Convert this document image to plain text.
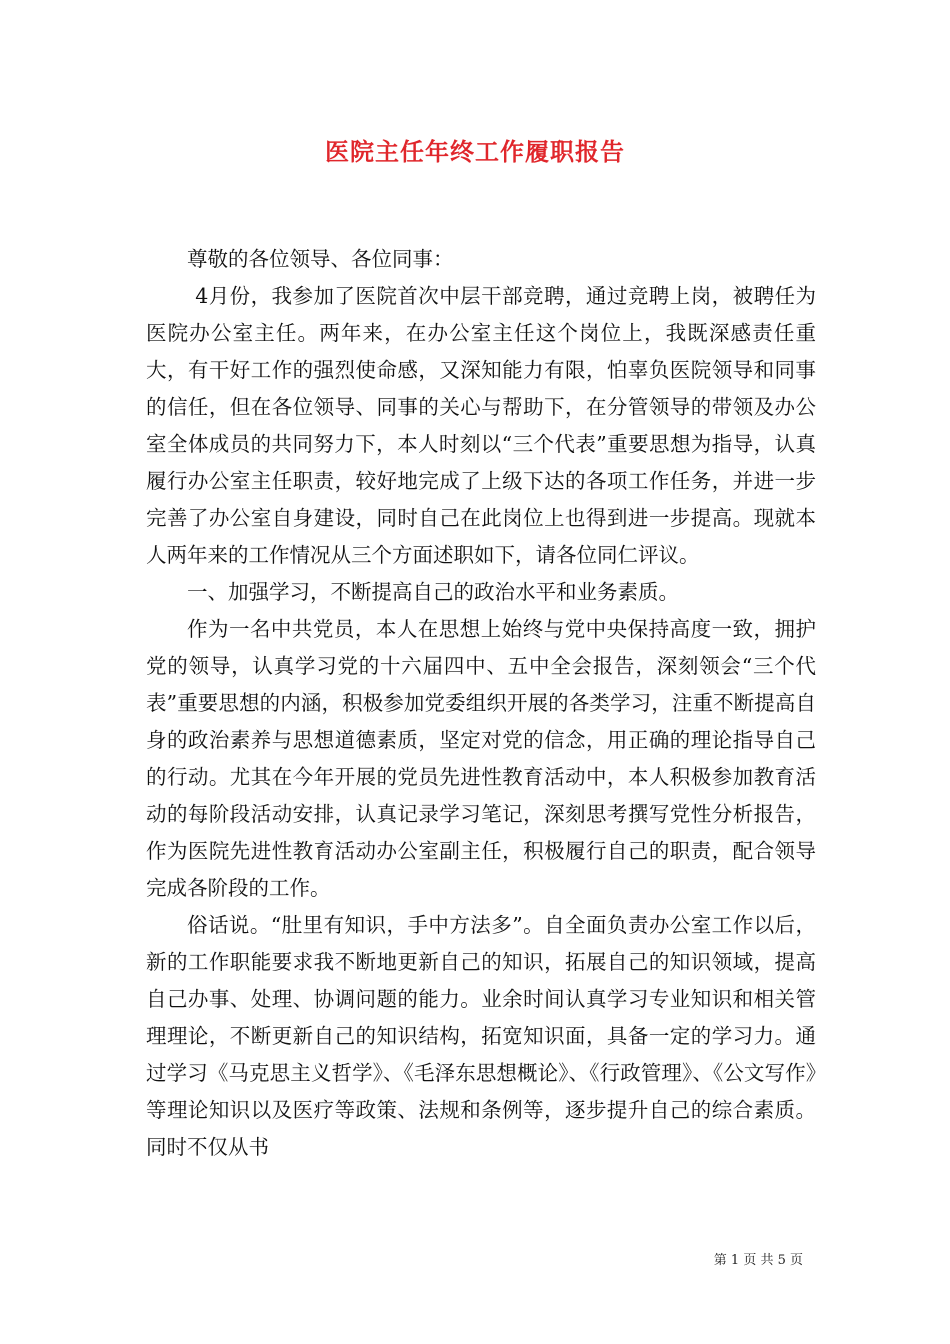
医院主任年终工作履职报告

尊敬的各位领导、各位同事：

4月份，我参加了医院首次中层干部竞聘，通过竞聘上岗，被聘任为医院办公室主任。两年来，在办公室主任这个岗位上，我既深感责任重大，有干好工作的强烈使命感，又深知能力有限，怕辜负医院领导和同事的信任，但在各位领导、同事的关心与帮助下，在分管领导的带领及办公室全体成员的共同努力下，本人时刻以“三个代表”重要思想为指导，认真履行办公室主任职责，较好地完成了上级下达的各项工作任务，并进一步完善了办公室自身建设，同时自己在此岗位上也得到进一步提高。现就本人两年来的工作情况从三个方面述职如下，请各位同仁评议。

一、加强学习，不断提高自己的政治水平和业务素质。

作为一名中共党员，本人在思想上始终与党中央保持高度一致，拥护党的领导，认真学习党的十六届四中、五中全会报告，深刻领会“三个代表”重要思想的内涵，积极参加党委组织开展的各类学习，注重不断提高自身的政治素养与思想道德素质，坚定对党的信念，用正确的理论指导自己的行动。尤其在今年开展的党员先进性教育活动中，本人积极参加教育活动的每阶段活动安排，认真记录学习笔记，深刻思考撰写党性分析报告，作为医院先进性教育活动办公室副主任，积极履行自己的职责，配合领导完成各阶段的工作。

俗话说。“肚里有知识，手中方法多”。自全面负责办公室工作以后，新的工作职能要求我不断地更新自己的知识，拓展自己的知识领域，提高自己办事、处理、协调问题的能力。业余时间认真学习专业知识和相关管理理论，不断更新自己的知识结构，拓宽知识面，具备一定的学习力。通过学习《马克思主义哲学》、《毛泽东思想概论》、《行政管理》、《公文写作》等理论知识以及医疗等政策、法规和条例等，逐步提升自己的综合素质。同时不仅从书

第 1 页 共 5 页
